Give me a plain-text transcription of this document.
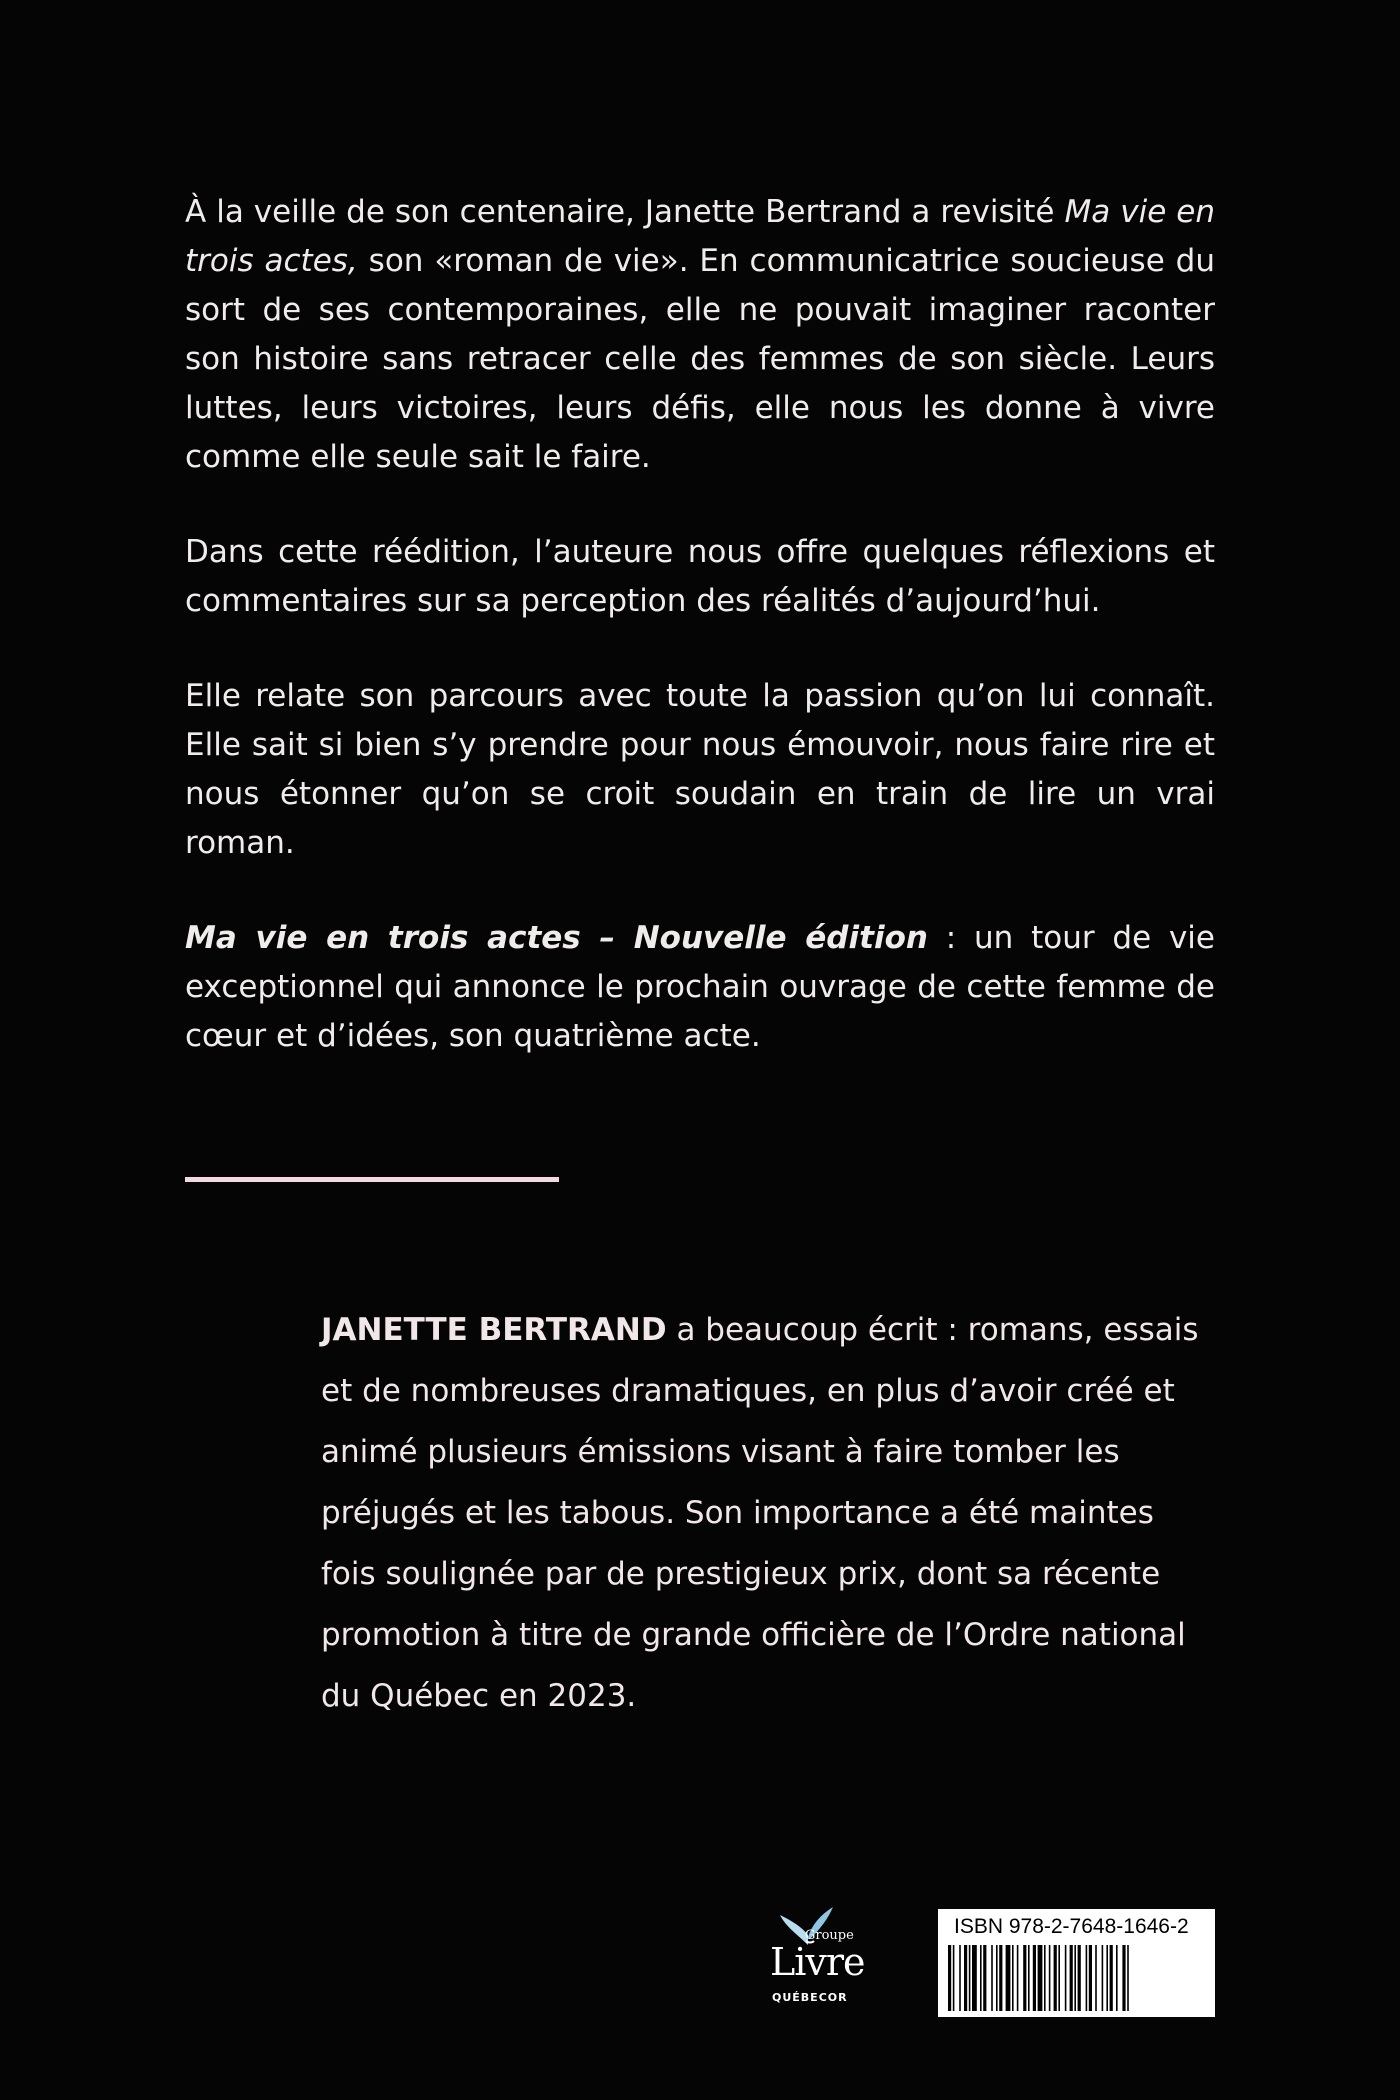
À la veille de son centenaire, Janette Bertrand a revisité Ma vie en trois actes, son «roman de vie». En communicatrice soucieuse du sort de ses contemporaines, elle ne pouvait imaginer raconter son histoire sans retracer celle des femmes de son siècle. Leurs luttes, leurs victoires, leurs défis, elle nous les donne à vivre comme elle seule sait le faire.

Dans cette réédition, l’auteure nous offre quelques réflexions et commentaires sur sa perception des réalités d’aujourd’hui.

Elle relate son parcours avec toute la passion qu’on lui connaît. Elle sait si bien s’y prendre pour nous émouvoir, nous faire rire et nous étonner qu’on se croit soudain en train de lire un vrai roman.

Ma vie en trois actes – Nouvelle édition : un tour de vie exceptionnel qui annonce le prochain ouvrage de cette femme de cœur et d’idées, son quatrième acte.

JANETTE BERTRAND a beaucoup écrit : romans, essais et de nombreuses dramatiques, en plus d’avoir créé et animé plusieurs émissions visant à faire tomber les préjugés et les tabous. Son importance a été maintes fois soulignée par de prestigieux prix, dont sa récente promotion à titre de grande officière de l’Ordre national du Québec en 2023.

Groupe
Livre
QUÉBECOR
ISBN 978-2-7648-1646-2
